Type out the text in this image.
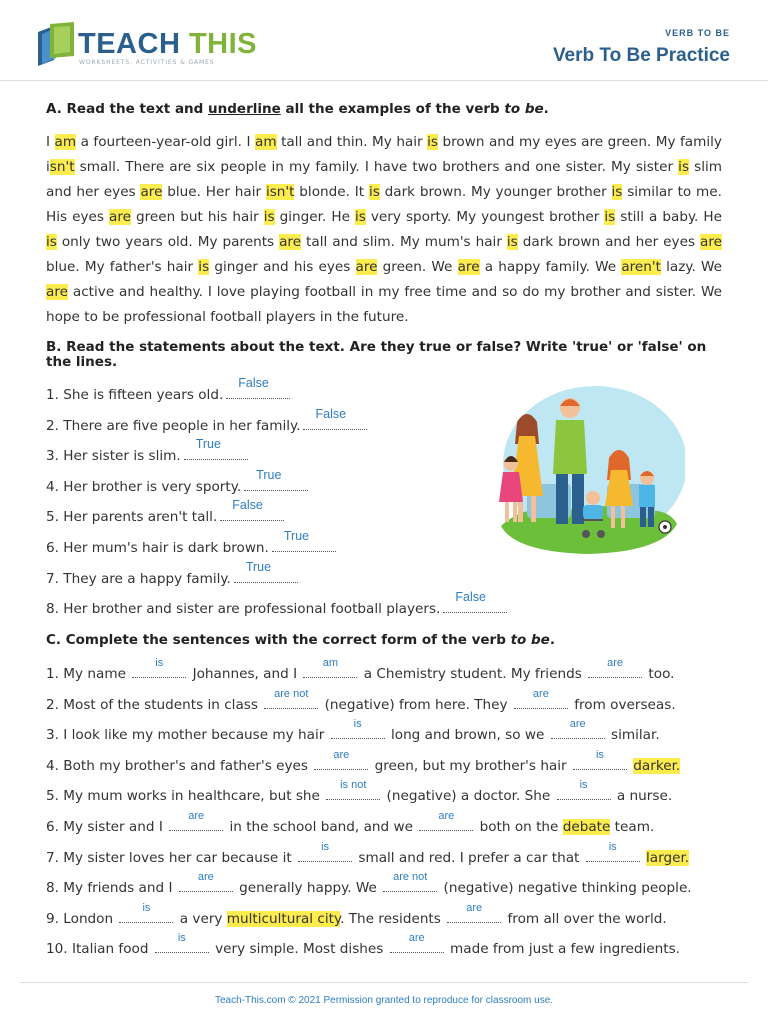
TEACH THIS
WORKSHEETS, ACTIVITIES & GAMES
VERB TO BE
Verb To Be Practice
A. Read the text and underline all the examples of the verb to be.
I am a fourteen-year-old girl. I am tall and thin. My hair is brown and my eyes are green. My family isn't small. There are six people in my family. I have two brothers and one sister. My sister is slim and her eyes are blue. Her hair isn't blonde. It is dark brown. My younger brother is similar to me. His eyes are green but his hair is ginger. He is very sporty. My youngest brother is still a baby. He is only two years old. My parents are tall and slim. My mum's hair is dark brown and her eyes are blue. My father's hair is ginger and his eyes are green. We are a happy family. We aren't lazy. We are active and healthy. I love playing football in my free time and so do my brother and sister. We hope to be professional football players in the future.
B. Read the statements about the text. Are they true or false? Write 'true' or 'false' on the lines.
1. She is fifteen years old.
False
2. There are five people in her family.
False
3. Her sister is slim.
True
4. Her brother is very sporty.
True
5. Her parents aren't tall.
False
6. Her mum's hair is dark brown.
True
7. They are a happy family.
True
8. Her brother and sister are professional football players.
False
C. Complete the sentences with the correct form of the verb to be.
1. My name
is
Johannes, and I
am
a Chemistry student. My friends
are
too.
2. Most of the students in class
are not
(negative) from here. They
are
from overseas.
3. I look like my mother because my hair
is
long and brown, so we
are
similar.
4. Both my brother's and father's eyes
are
green, but my brother's hair
is
darker.
5. My mum works in healthcare, but she
is not
(negative) a doctor. She
is
a nurse.
6. My sister and I
are
in the school band, and we
are
both on the debate team.
7. My sister loves her car because it
is
small and red. I prefer a car that
is
larger.
8. My friends and I
are
generally happy. We
are not
(negative) negative thinking people.
9. London
is
a very multicultural city. The residents
are
from all over the world.
10. Italian food
is
very simple. Most dishes
are
made from just a few ingredients.
Teach-This.com © 2021 Permission granted to reproduce for classroom use.
